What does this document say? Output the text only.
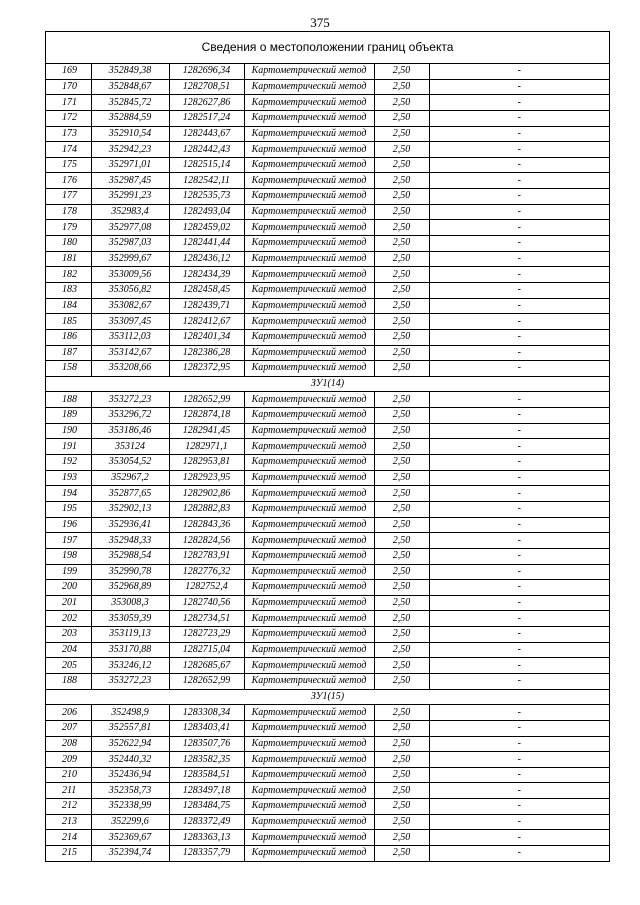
375
Сведения о местоположении границ объекта
169	352849,38	1282696,34	Картометрический метод	2,50	-
170	352848,67	1282708,51	Картометрический метод	2,50	-
171	352845,72	1282627,86	Картометрический метод	2,50	-
172	352884,59	1282517,24	Картометрический метод	2,50	-
173	352910,54	1282443,67	Картометрический метод	2,50	-
174	352942,23	1282442,43	Картометрический метод	2,50	-
175	352971,01	1282515,14	Картометрический метод	2,50	-
176	352987,45	1282542,11	Картометрический метод	2,50	-
177	352991,23	1282535,73	Картометрический метод	2,50	-
178	352983,4	1282493,04	Картометрический метод	2,50	-
179	352977,08	1282459,02	Картометрический метод	2,50	-
180	352987,03	1282441,44	Картометрический метод	2,50	-
181	352999,67	1282436,12	Картометрический метод	2,50	-
182	353009,56	1282434,39	Картометрический метод	2,50	-
183	353056,82	1282458,45	Картометрический метод	2,50	-
184	353082,67	1282439,71	Картометрический метод	2,50	-
185	353097,45	1282412,67	Картометрический метод	2,50	-
186	353112,03	1282401,34	Картометрический метод	2,50	-
187	353142,67	1282386,28	Картометрический метод	2,50	-
158	353208,66	1282372,95	Картометрический метод	2,50	-
ЗУ1(14)					
188	353272,23	1282652,99	Картометрический метод	2,50	-
189	353296,72	1282874,18	Картометрический метод	2,50	-
190	353186,46	1282941,45	Картометрический метод	2,50	-
191	353124	1282971,1	Картометрический метод	2,50	-
192	353054,52	1282953,81	Картометрический метод	2,50	-
193	352967,2	1282923,95	Картометрический метод	2,50	-
194	352877,65	1282902,86	Картометрический метод	2,50	-
195	352902,13	1282882,83	Картометрический метод	2,50	-
196	352936,41	1282843,36	Картометрический метод	2,50	-
197	352948,33	1282824,56	Картометрический метод	2,50	-
198	352988,54	1282783,91	Картометрический метод	2,50	-
199	352990,78	1282776,32	Картометрический метод	2,50	-
200	352968,89	1282752,4	Картометрический метод	2,50	-
201	353008,3	1282740,56	Картометрический метод	2,50	-
202	353059,39	1282734,51	Картометрический метод	2,50	-
203	353119,13	1282723,29	Картометрический метод	2,50	-
204	353170,88	1282715,04	Картометрический метод	2,50	-
205	353246,12	1282685,67	Картометрический метод	2,50	-
188	353272,23	1282652,99	Картометрический метод	2,50	-
ЗУ1(15)					
206	352498,9	1283308,34	Картометрический метод	2,50	-
207	352557,81	1283403,41	Картометрический метод	2,50	-
208	352622,94	1283507,76	Картометрический метод	2,50	-
209	352440,32	1283582,35	Картометрический метод	2,50	-
210	352436,94	1283584,51	Картометрический метод	2,50	-
211	352358,73	1283497,18	Картометрический метод	2,50	-
212	352338,99	1283484,75	Картометрический метод	2,50	-
213	352299,6	1283372,49	Картометрический метод	2,50	-
214	352369,67	1283363,13	Картометрический метод	2,50	-
215	352394,74	1283357,79	Картометрический метод	2,50	-
